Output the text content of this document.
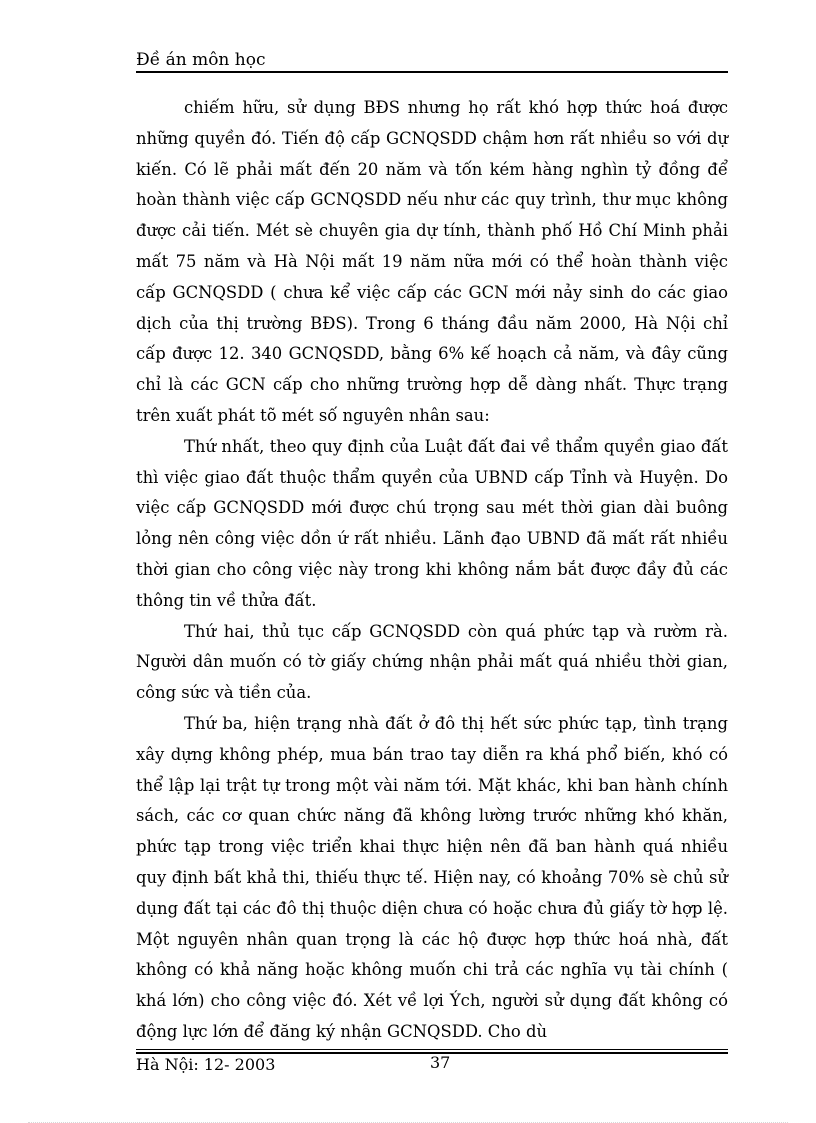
Đề án môn học

chiếm hữu, sử dụng BĐS nhưng họ rất khó hợp thức hoá được những quyền đó. Tiến độ cấp GCNQSDD chậm hơn rất nhiều so với dự kiến. Có lẽ phải mất đến 20 năm và tốn kém hàng nghìn tỷ đồng để hoàn thành việc cấp GCNQSDD nếu như các quy trình, thư mục không được cải tiến. Mét sè chuyên gia dự tính, thành phố Hồ Chí Minh phải mất 75 năm và Hà Nội mất 19 năm nữa mới có thể hoàn thành việc cấp GCNQSDD ( chưa kể việc cấp các GCN mới nảy sinh do các giao dịch của thị trường BĐS). Trong 6 tháng đầu năm 2000, Hà Nội chỉ cấp được 12. 340 GCNQSDD, bằng 6% kế hoạch cả năm, và đây cũng chỉ là các GCN cấp cho những trường hợp dễ dàng nhất. Thực trạng trên xuất phát tõ mét số nguyên nhân sau:

Thứ nhất, theo quy định của Luật đất đai về thẩm quyền giao đất thì việc giao đất thuộc thẩm quyền của UBND cấp Tỉnh và Huyện. Do việc cấp GCNQSDD mới được chú trọng sau mét thời gian dài buông lỏng nên công việc dồn ứ rất nhiều. Lãnh đạo UBND đã mất rất nhiều thời gian cho công việc này trong khi không nắm bắt được đầy đủ các thông tin về thửa đất.

Thứ hai, thủ tục cấp GCNQSDD còn quá phức tạp và rườm rà. Người dân muốn có tờ giấy chứng nhận phải mất quá nhiều thời gian, công sức và tiền của.

Thứ ba, hiện trạng nhà đất ở đô thị hết sức phức tạp, tình trạng xây dựng không phép, mua bán trao tay diễn ra khá phổ biến, khó có thể lập lại trật tự trong một vài năm tới. Mặt khác, khi ban hành chính sách, các cơ quan chức năng đã không lường trước những khó khăn, phức tạp trong việc triển khai thực hiện nên đã ban hành quá nhiều quy định bất khả thi, thiếu thực tế. Hiện nay, có khoảng 70% sè chủ sử dụng đất tại các đô thị thuộc diện chưa có hoặc chưa đủ giấy tờ hợp lệ. Một nguyên nhân quan trọng là các hộ được hợp thức hoá nhà, đất không có khả năng hoặc không muốn chi trả các nghĩa vụ tài chính ( khá lớn) cho công việc đó. Xét về lợi Ých, người sử dụng đất không có động lực lớn để đăng ký nhận GCNQSDD. Cho dù

Hà Nội: 12- 2003	37
